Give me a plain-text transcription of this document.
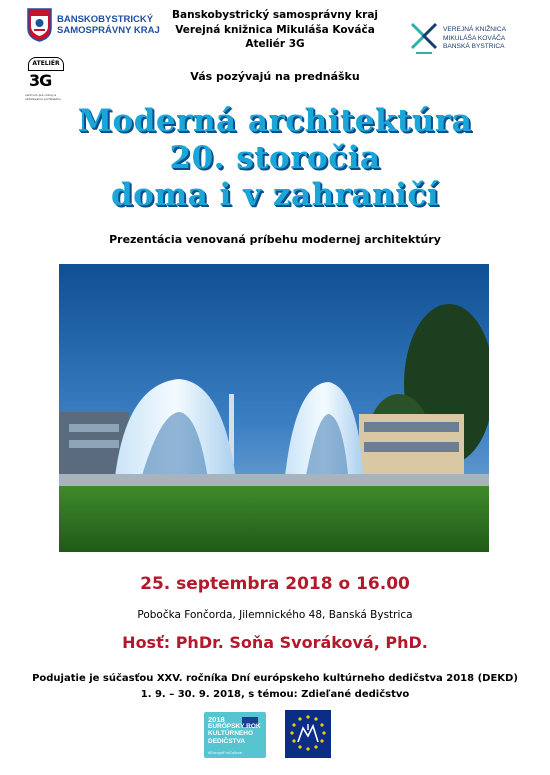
BANSKOBYSTRICKÝ
SAMOSPRÁVNY KRAJ
ATELIÉR
3G
centrum pre rozvoj a vzdelávanie architektov
Banskobystrický samosprávny kraj
Verejná knižnica Mikuláša Kováča
Ateliér 3G
VEREJNÁ KNIŽNICA
MIKULÁŠA KOVÁČA
BANSKÁ BYSTRICA
Vás pozývajú na prednášku
Moderná architektúra
20. storočia
doma i v zahraničí
Prezentácia venovaná príbehu modernej architektúry
25. septembra 2018 o 16.00
Pobočka Fončorda, Jilemnického 48, Banská Bystrica
Hosť: PhDr. Soňa Svoráková, PhD.
Podujatie je súčasťou XXV. ročníka Dní európskeho kultúrneho dedičstva 2018 (DEKD)
1. 9. – 30. 9. 2018, s témou: Zdieľané dedičstvo
2018
EURÓPSKY ROK
KULTÚRNEHO
DEDIČSTVA
#EuropeForCulture
